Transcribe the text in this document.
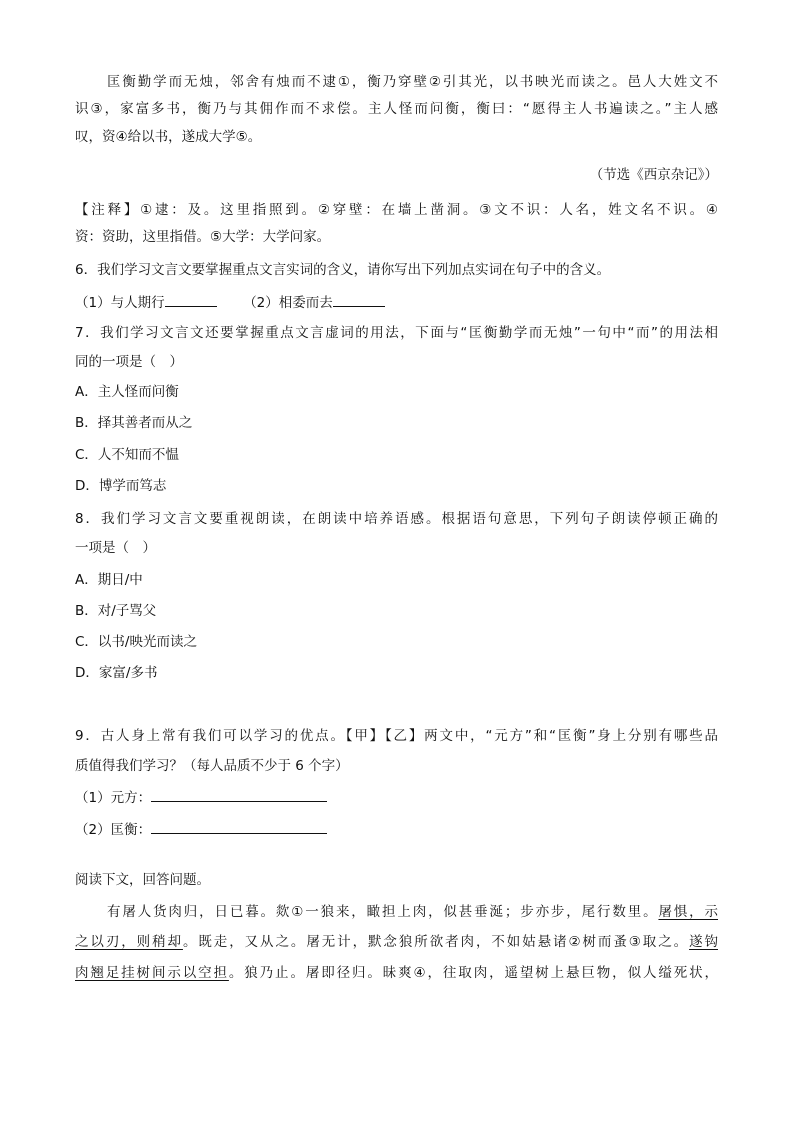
匡衡勤学而无烛，邻舍有烛而不逮①，衡乃穿壁②引其光，以书映光而读之。邑人大姓文不
识③，家富多书，衡乃与其佣作而不求偿。主人怪而问衡，衡曰：“愿得主人书遍读之。”主人感
叹，资④给以书，遂成大学⑤。
（节选《西京杂记》）
【注释】①逮：及。这里指照到。②穿壁：在墙上凿洞。③文不识：人名，姓文名不识。④
资：资助，这里指借。⑤大学：大学问家。
6．我们学习文言文要掌握重点文言实词的含义，请你写出下列加点实词在句子中的含义。
（1）与人期行	（2）相委而去
7．我们学习文言文还要掌握重点文言虚词的用法，下面与“匡衡勤学而无烛”一句中“而”的用法相
同的一项是（　）
A．主人怪而问衡
B．择其善者而从之
C．人不知而不愠
D．博学而笃志
8．我们学习文言文要重视朗读，在朗读中培养语感。根据语句意思，下列句子朗读停顿正确的
一项是（　）
A．期日/中
B．对/子骂父
C．以书/映光而读之
D．家富/多书
9．古人身上常有我们可以学习的优点。【甲】【乙】两文中，“元方”和“匡衡”身上分别有哪些品
质值得我们学习？（每人品质不少于 6 个字）
（1）元方：
（2）匡衡：
阅读下文，回答问题。
有屠人货肉归，日已暮。欻①一狼来，瞰担上肉，似甚垂涎；步亦步，尾行数里。屠惧，示
之以刃，则稍却。既走，又从之。屠无计，默念狼所欲者肉，不如姑悬诸②树而蚤③取之。遂钩
肉翘足挂树间示以空担。狼乃止。屠即径归。昧爽④，往取肉，遥望树上悬巨物，似人缢死状，
